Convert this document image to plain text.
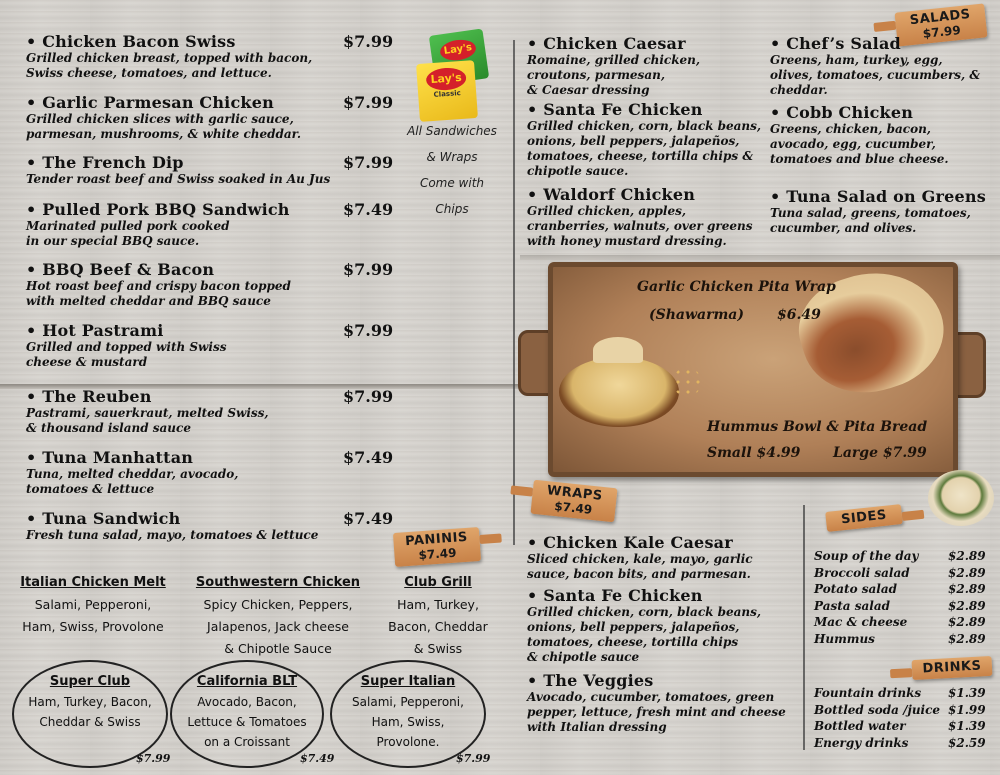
• Chicken Bacon Swiss
Grilled chicken breast, topped with bacon,
Swiss cheese, tomatoes, and lettuce.
$7.99
• Garlic Parmesan Chicken
Grilled chicken slices with garlic sauce,
parmesan, mushrooms, & white cheddar.
$7.99
• The French Dip
Tender roast beef and Swiss soaked in Au Jus
$7.99
• Pulled Pork BBQ Sandwich
Marinated pulled pork cooked
in our special BBQ sauce.
$7.49
• BBQ Beef & Bacon
Hot roast beef and crispy bacon topped
with melted cheddar and BBQ sauce
$7.99
• Hot Pastrami
Grilled and topped with Swiss
cheese & mustard
$7.99
• The Reuben
Pastrami, sauerkraut, melted Swiss,
& thousand island sauce
$7.99
• Tuna Manhattan
Tuna, melted cheddar, avocado,
tomatoes & lettuce
$7.49
• Tuna Sandwich
Fresh tuna salad, mayo, tomatoes & lettuce
$7.49
Lay's
Lay's
Classic
All Sandwiches
& Wraps
Come with Chips
PANINIS
$7.49
Italian Chicken Melt
Salami, Pepperoni,
Ham, Swiss, Provolone
Southwestern Chicken
Spicy Chicken, Peppers,
Jalapenos, Jack cheese
& Chipotle Sauce
Club Grill
Ham, Turkey,
Bacon, Cheddar
& Swiss
Super Club
Ham, Turkey, Bacon,
Cheddar & Swiss
$7.99
California BLT
Avocado, Bacon,
Lettuce & Tomatoes
on a Croissant
$7.49
Super Italian
Salami, Pepperoni,
Ham, Swiss,
Provolone.
$7.99
SALADS
$7.99
• Chicken Caesar
Romaine, grilled chicken,
croutons, parmesan,
& Caesar dressing
• Santa Fe Chicken
Grilled chicken, corn, black beans,
onions, bell peppers, jalapeños,
tomatoes, cheese, tortilla chips &
chipotle sauce.
• Waldorf Chicken
Grilled chicken, apples,
cranberries, walnuts, over greens
with honey mustard dressing.
• Chef’s Salad
Greens, ham, turkey, egg,
olives, tomatoes, cucumbers, &
cheddar.
• Cobb Chicken
Greens, chicken, bacon,
avocado, egg, cucumber,
tomatoes and blue cheese.
• Tuna Salad on Greens
Tuna salad, greens, tomatoes,
cucumber, and olives.
Garlic Chicken Pita Wrap
(Shawarma) $6.49
Hummus Bowl & Pita Bread
Small $4.99 Large $7.99
WRAPS
$7.49
• Chicken Kale Caesar
Sliced chicken, kale, mayo, garlic
sauce, bacon bits, and parmesan.
• Santa Fe Chicken
Grilled chicken, corn, black beans,
onions, bell peppers, jalapeños,
tomatoes, cheese, tortilla chips
& chipotle sauce
• The Veggies
Avocado, cucumber, tomatoes, green
pepper, lettuce, fresh mint and cheese
with Italian dressing
SIDES
Soup of the day $2.89
Broccoli salad	$2.89
Potato salad	$2.89
Pasta salad	$2.89
Mac & cheese	$2.89
Hummus	$2.89
DRINKS
Fountain drinks $1.39
Bottled soda /juice $1.99
Bottled water	$1.39
Energy drinks	$2.59
